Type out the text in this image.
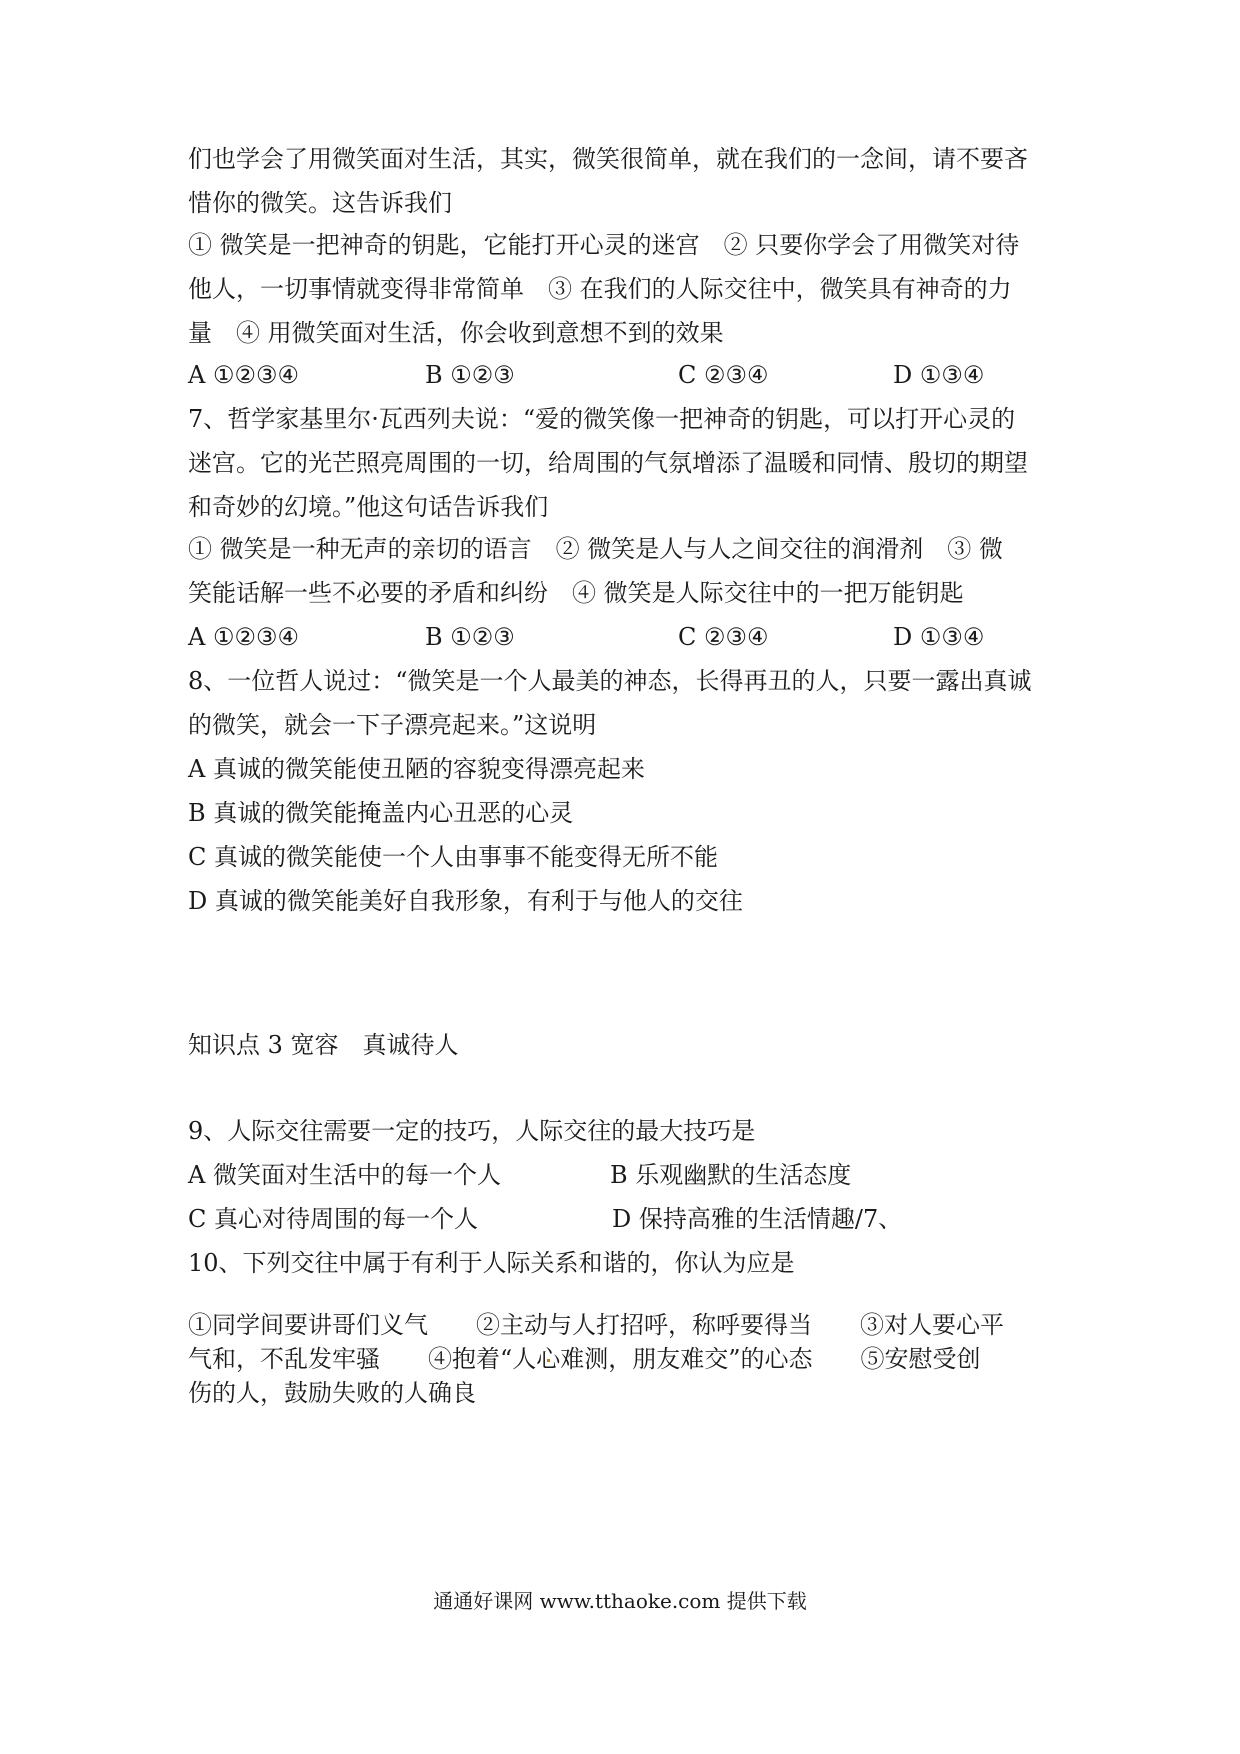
们也学会了用微笑面对生活，其实，微笑很简单，就在我们的一念间，请不要吝
惜你的微笑。这告诉我们
① 微笑是一把神奇的钥匙，它能打开心灵的迷宫　② 只要你学会了用微笑对待
他人，一切事情就变得非常简单　③ 在我们的人际交往中，微笑具有神奇的力
量　④ 用微笑面对生活，你会收到意想不到的效果
A ①②③④	B ①②③	C ②③④	D ①③④
7、哲学家基里尔·瓦西列夫说：“爱的微笑像一把神奇的钥匙，可以打开心灵的
迷宫。它的光芒照亮周围的一切，给周围的气氛增添了温暖和同情、殷切的期望
和奇妙的幻境。”他这句话告诉我们
① 微笑是一种无声的亲切的语言　② 微笑是人与人之间交往的润滑剂　③ 微
笑能话解一些不必要的矛盾和纠纷　④ 微笑是人际交往中的一把万能钥匙
A ①②③④	B ①②③	C ②③④	D ①③④
8、一位哲人说过：“微笑是一个人最美的神态，长得再丑的人，只要一露出真诚
的微笑，就会一下子漂亮起来。”这说明
A 真诚的微笑能使丑陋的容貌变得漂亮起来
B 真诚的微笑能掩盖内心丑恶的心灵
C 真诚的微笑能使一个人由事事不能变得无所不能
D 真诚的微笑能美好自我形象，有利于与他人的交往
知识点 3 宽容　真诚待人
9、人际交往需要一定的技巧，人际交往的最大技巧是
A 微笑面对生活中的每一个人	B 乐观幽默的生活态度
C 真心对待周围的每一个人	D 保持高雅的生活情趣/7、
10、下列交往中属于有利于人际关系和谐的，你认为应是
①同学间要讲哥们义气　　②主动与人打招呼，称呼要得当　　③对人要心平
气和，不乱发牢骚　　④抱着“人心难测，朋友难交”的心态　　⑤安慰受创
伤的人，鼓励失败的人确良
通通好课网 www.tthaoke.com 提供下载
